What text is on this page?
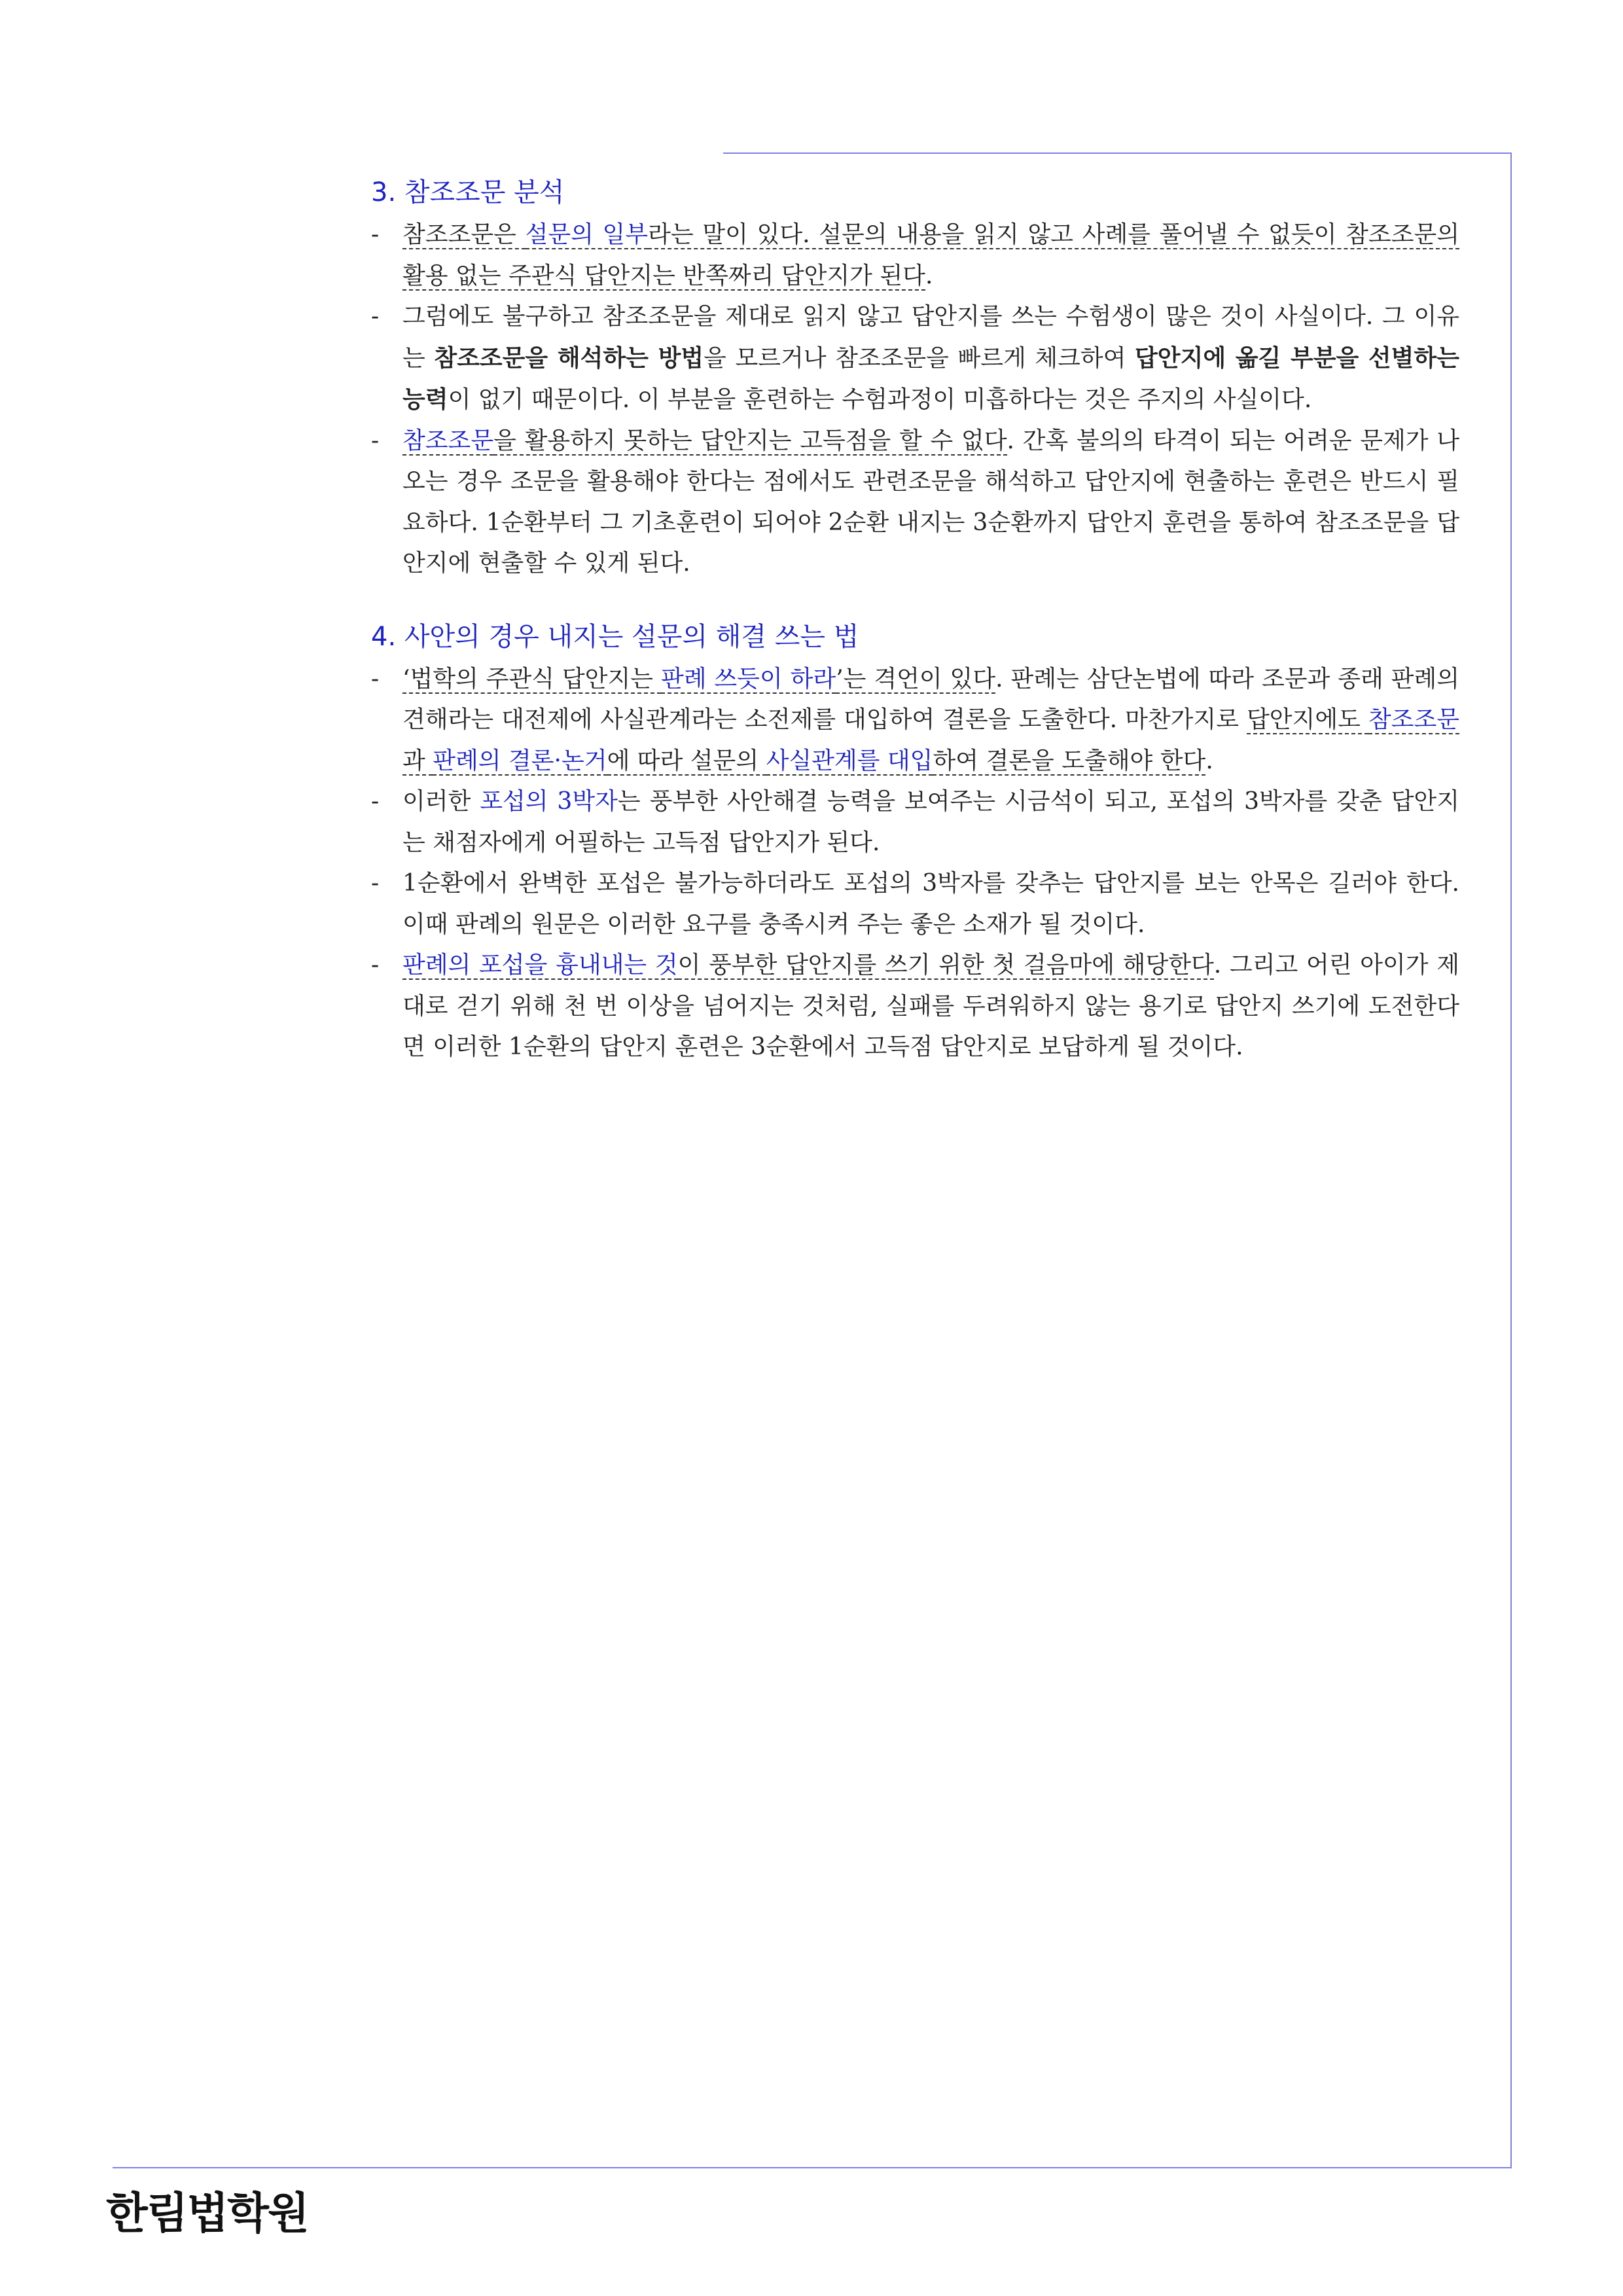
3. 참조조문 분석
- 참조조문은 설문의 일부라는 말이 있다. 설문의 내용을 읽지 않고 사례를 풀어낼 수 없듯이 참조조문의 활용 없는 주관식 답안지는 반쪽짜리 답안지가 된다.
- 그럼에도 불구하고 참조조문을 제대로 읽지 않고 답안지를 쓰는 수험생이 많은 것이 사실이다. 그 이유는 참조조문을 해석하는 방법을 모르거나 참조조문을 빠르게 체크하여 답안지에 옮길 부분을 선별하는 능력이 없기 때문이다. 이 부분을 훈련하는 수험과정이 미흡하다는 것은 주지의 사실이다.
- 참조조문을 활용하지 못하는 답안지는 고득점을 할 수 없다. 간혹 불의의 타격이 되는 어려운 문제가 나오는 경우 조문을 활용해야 한다는 점에서도 관련조문을 해석하고 답안지에 현출하는 훈련은 반드시 필요하다. 1순환부터 그 기초훈련이 되어야 2순환 내지는 3순환까지 답안지 훈련을 통하여 참조조문을 답안지에 현출할 수 있게 된다.
4. 사안의 경우 내지는 설문의 해결 쓰는 법
- ‘법학의 주관식 답안지는 판례 쓰듯이 하라’는 격언이 있다. 판례는 삼단논법에 따라 조문과 종래 판례의 견해라는 대전제에 사실관계라는 소전제를 대입하여 결론을 도출한다. 마찬가지로 답안지에도 참조조문과 판례의 결론·논거에 따라 설문의 사실관계를 대입하여 결론을 도출해야 한다.
- 이러한 포섭의 3박자는 풍부한 사안해결 능력을 보여주는 시금석이 되고, 포섭의 3박자를 갖춘 답안지는 채점자에게 어필하는 고득점 답안지가 된다.
- 1순환에서 완벽한 포섭은 불가능하더라도 포섭의 3박자를 갖추는 답안지를 보는 안목은 길러야 한다. 이때 판례의 원문은 이러한 요구를 충족시켜 주는 좋은 소재가 될 것이다.
- 판례의 포섭을 흉내내는 것이 풍부한 답안지를 쓰기 위한 첫 걸음마에 해당한다. 그리고 어린 아이가 제대로 걷기 위해 천 번 이상을 넘어지는 것처럼, 실패를 두려워하지 않는 용기로 답안지 쓰기에 도전한다면 이러한 1순환의 답안지 훈련은 3순환에서 고득점 답안지로 보답하게 될 것이다.
한림법학원
